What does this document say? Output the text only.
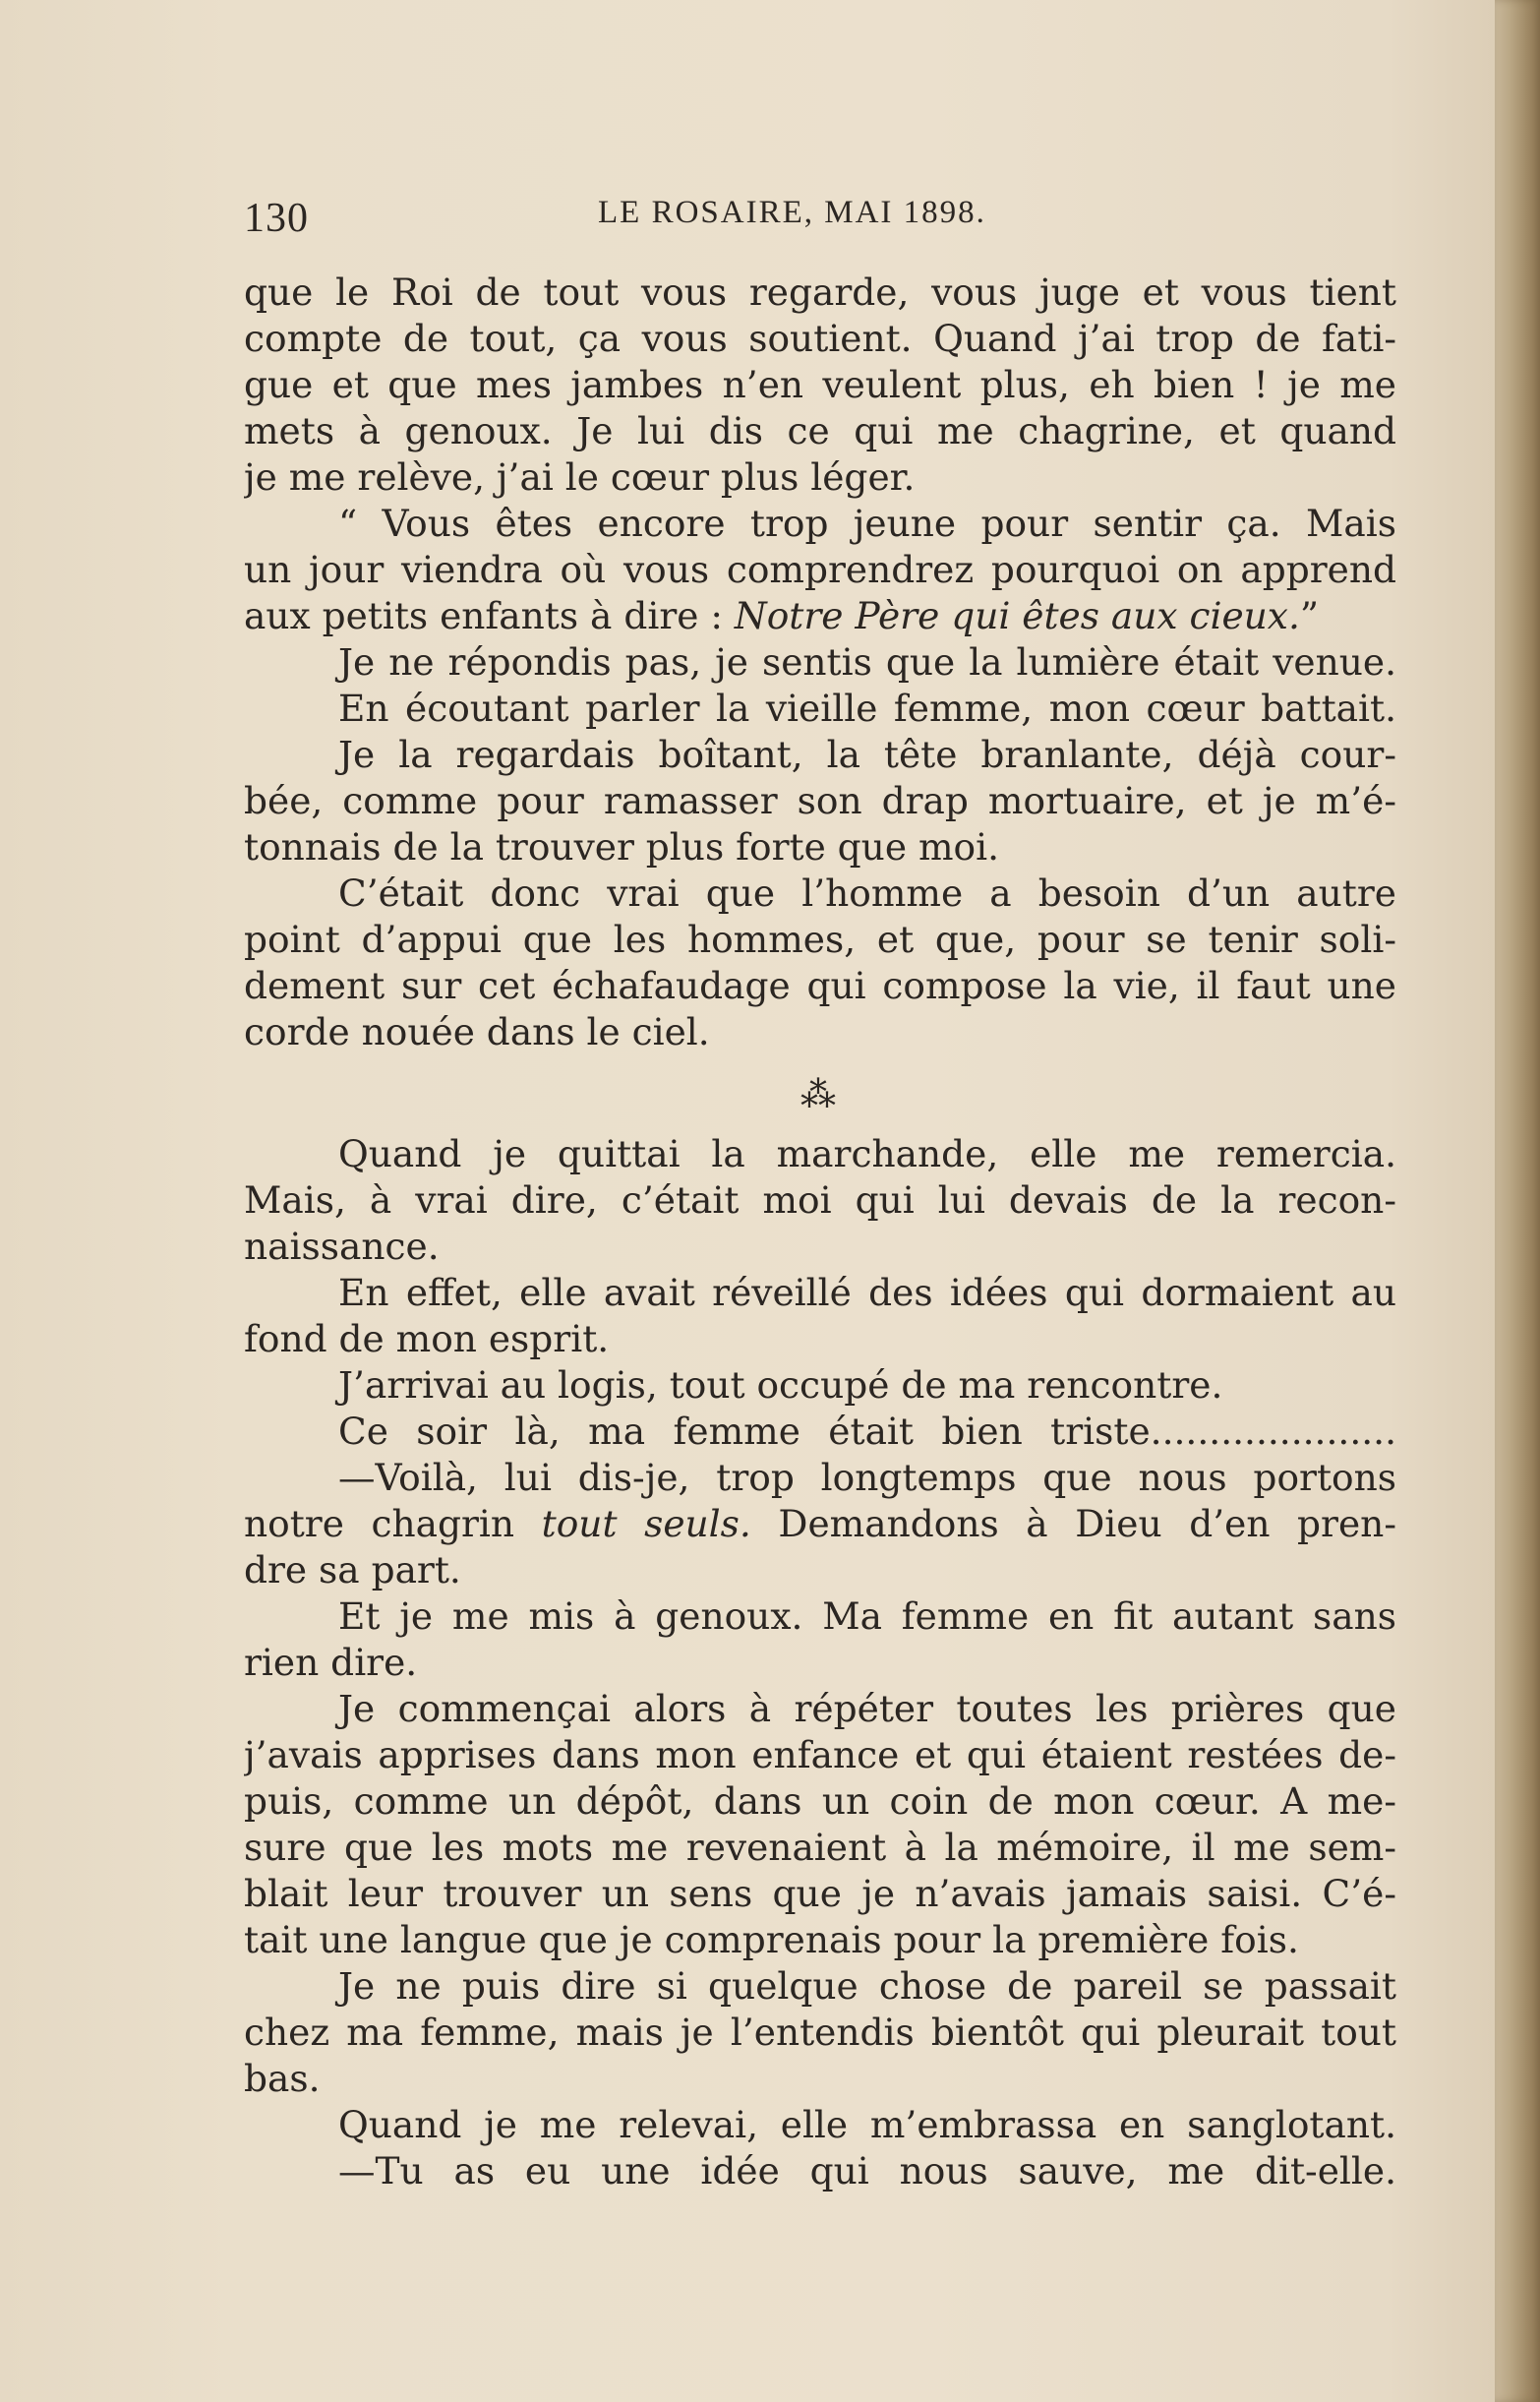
130	LE ROSAIRE, MAI 1898.
que le Roi de tout vous regarde, vous juge et vous tient
compte de tout, ça vous soutient. Quand j’ai trop de fati-
gue et que mes jambes n’en veulent plus, eh bien ! je me
mets à genoux. Je lui dis ce qui me chagrine, et quand
je me relève, j’ai le cœur plus léger.
“ Vous êtes encore trop jeune pour sentir ça. Mais
un jour viendra où vous comprendrez pourquoi on apprend
aux petits enfants à dire : Notre Père qui êtes aux cieux.”
Je ne répondis pas, je sentis que la lumière était venue.
En écoutant parler la vieille femme, mon cœur battait.
Je la regardais boîtant, la tête branlante, déjà cour-
bée, comme pour ramasser son drap mortuaire, et je m’é-
tonnais de la trouver plus forte que moi.
C’était donc vrai que l’homme a besoin d’un autre
point d’appui que les hommes, et que, pour se tenir soli-
dement sur cet échafaudage qui compose la vie, il faut une
corde nouée dans le ciel.
⁂
Quand je quittai la marchande, elle me remercia.
Mais, à vrai dire, c’était moi qui lui devais de la recon-
naissance.
En effet, elle avait réveillé des idées qui dormaient au
fond de mon esprit.
J’arrivai au logis, tout occupé de ma rencontre.
Ce soir là, ma femme était bien triste.....................
—Voilà, lui dis-je, trop longtemps que nous portons
notre chagrin tout seuls. Demandons à Dieu d’en pren-
dre sa part.
Et je me mis à genoux. Ma femme en fit autant sans
rien dire.
Je commençai alors à répéter toutes les prières que
j’avais apprises dans mon enfance et qui étaient restées de-
puis, comme un dépôt, dans un coin de mon cœur. A me-
sure que les mots me revenaient à la mémoire, il me sem-
blait leur trouver un sens que je n’avais jamais saisi. C’é-
tait une langue que je comprenais pour la première fois.
Je ne puis dire si quelque chose de pareil se passait
chez ma femme, mais je l’entendis bientôt qui pleurait tout
bas.
Quand je me relevai, elle m’embrassa en sanglotant.
—Tu as eu une idée qui nous sauve, me dit-elle.
